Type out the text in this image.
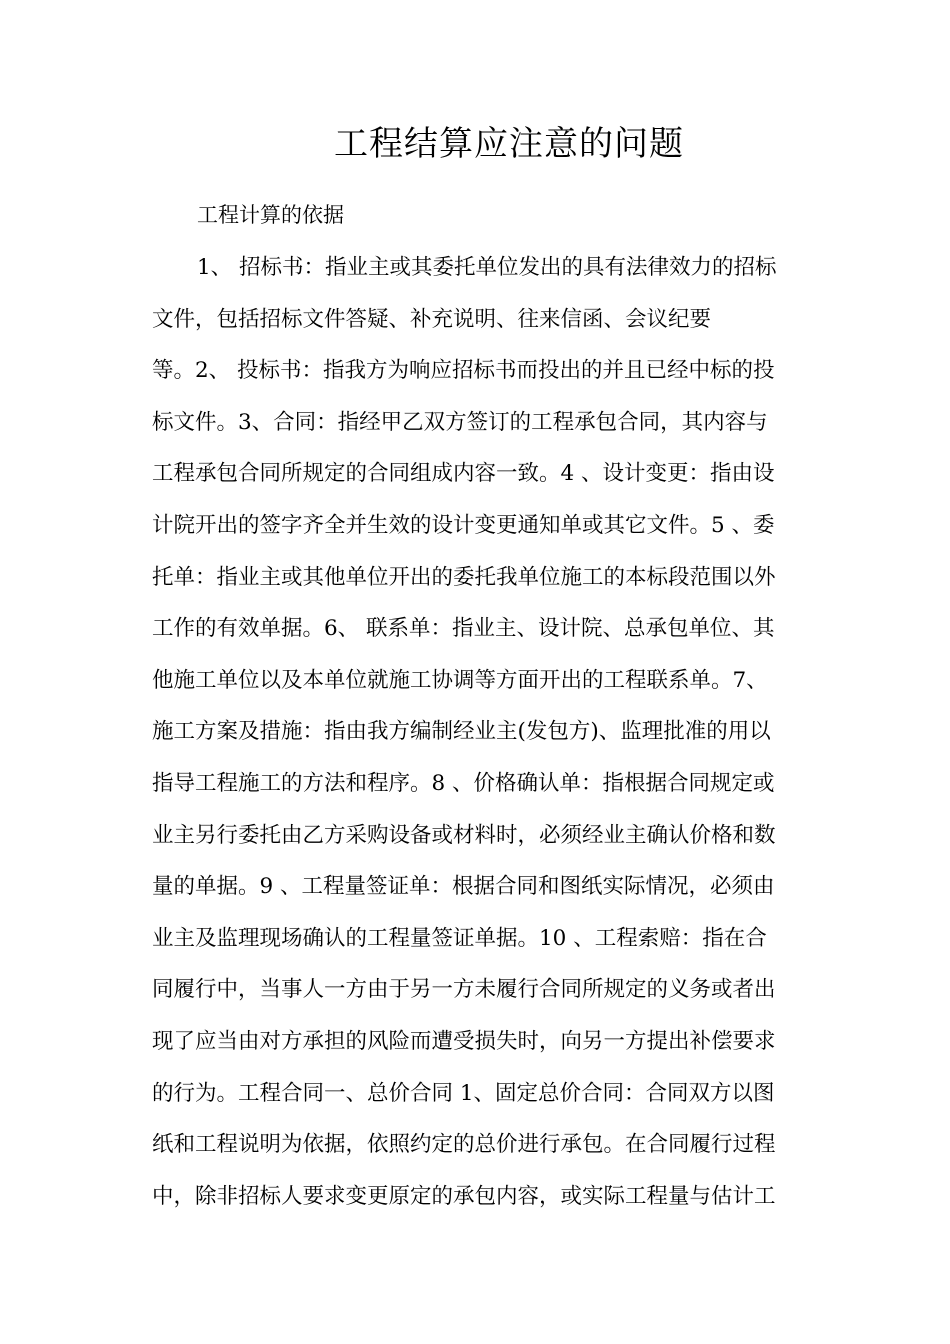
工程结算应注意的问题

工程计算的依据

1、 招标书：指业主或其委托单位发出的具有法律效力的招标

文件，包括招标文件答疑、补充说明、往来信函、会议纪要

等。2、 投标书：指我方为响应招标书而投出的并且已经中标的投

标文件。3、合同：指经甲乙双方签订的工程承包合同，其内容与

工程承包合同所规定的合同组成内容一致。4 、设计变更：指由设

计院开出的签字齐全并生效的设计变更通知单或其它文件。5 、委

托单：指业主或其他单位开出的委托我单位施工的本标段范围以外

工作的有效单据。6、 联系单：指业主、设计院、总承包单位、其

他施工单位以及本单位就施工协调等方面开出的工程联系单。7、

施工方案及措施：指由我方编制经业主(发包方)、监理批准的用以

指导工程施工的方法和程序。8 、价格确认单：指根据合同规定或

业主另行委托由乙方采购设备或材料时，必须经业主确认价格和数

量的单据。9 、工程量签证单：根据合同和图纸实际情况，必须由

业主及监理现场确认的工程量签证单据。10 、工程索赔：指在合

同履行中，当事人一方由于另一方未履行合同所规定的义务或者出

现了应当由对方承担的风险而遭受损失时，向另一方提出补偿要求

的行为。工程合同一、总价合同 1、固定总价合同：合同双方以图

纸和工程说明为依据，依照约定的总价进行承包。在合同履行过程

中，除非招标人要求变更原定的承包内容，或实际工程量与估计工
